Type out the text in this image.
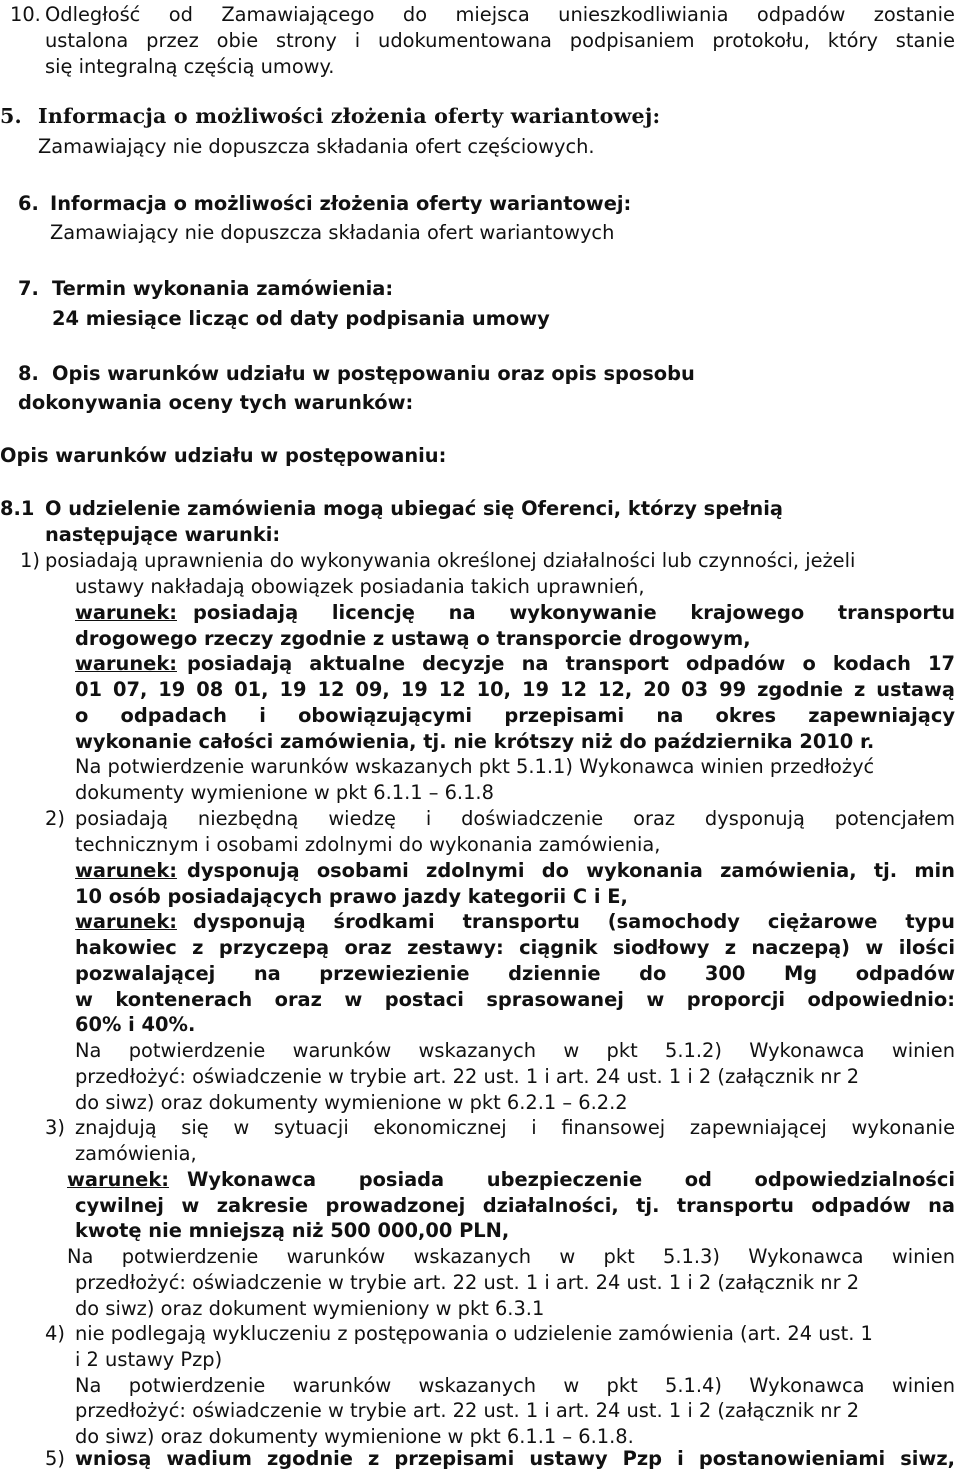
10. Odległość od Zamawiającego do miejsca unieszkodliwiania odpadów zostanie
ustalona przez obie strony i udokumentowana podpisaniem protokołu, który stanie
się integralną częścią umowy.
5. Informacja o możliwości złożenia oferty wariantowej:
Zamawiający nie dopuszcza składania ofert częściowych.
6. Informacja o możliwości złożenia oferty wariantowej:
Zamawiający nie dopuszcza składania ofert wariantowych
7. Termin wykonania zamówienia:
24 miesiące licząc od daty podpisania umowy
8. Opis warunków udziału w postępowaniu oraz opis sposobu
dokonywania oceny tych warunków:
Opis warunków udziału w postępowaniu:
8.1 O udzielenie zamówienia mogą ubiegać się Oferenci, którzy spełnią
następujące warunki:
1) posiadają uprawnienia do wykonywania określonej działalności lub czynności, jeżeli
ustawy nakładają obowiązek posiadania takich uprawnień,
warunek: posiadają licencję na wykonywanie krajowego transportu
drogowego rzeczy zgodnie z ustawą o transporcie drogowym,
warunek: posiadają aktualne decyzje na transport odpadów o kodach 17
01 07, 19 08 01, 19 12 09, 19 12 10, 19 12 12, 20 03 99 zgodnie z ustawą
o odpadach i obowiązującymi przepisami na okres zapewniający
wykonanie całości zamówienia, tj. nie krótszy niż do października 2010 r.
Na potwierdzenie warunków wskazanych pkt 5.1.1) Wykonawca winien przedłożyć
dokumenty wymienione w pkt 6.1.1 – 6.1.8
2) posiadają niezbędną wiedzę i doświadczenie oraz dysponują potencjałem
technicznym i osobami zdolnymi do wykonania zamówienia,
warunek: dysponują osobami zdolnymi do wykonania zamówienia, tj. min
10 osób posiadających prawo jazdy kategorii C i E,
warunek: dysponują środkami transportu (samochody ciężarowe typu
hakowiec z przyczepą oraz zestawy: ciągnik siodłowy z naczepą) w ilości
pozwalającej na przewiezienie dziennie do 300 Mg odpadów
w kontenerach oraz w postaci sprasowanej w proporcji odpowiednio:
60% i 40%.
Na potwierdzenie warunków wskazanych w pkt 5.1.2) Wykonawca winien
przedłożyć: oświadczenie w trybie art. 22 ust. 1 i art. 24 ust. 1 i 2 (załącznik nr 2
do siwz) oraz dokumenty wymienione w pkt 6.2.1 – 6.2.2
3) znajdują się w sytuacji ekonomicznej i finansowej zapewniającej wykonanie
zamówienia,
warunek: Wykonawca posiada ubezpieczenie od odpowiedzialności
cywilnej w zakresie prowadzonej działalności, tj. transportu odpadów na
kwotę nie mniejszą niż 500 000,00 PLN,
Na potwierdzenie warunków wskazanych w pkt 5.1.3) Wykonawca winien
przedłożyć: oświadczenie w trybie art. 22 ust. 1 i art. 24 ust. 1 i 2 (załącznik nr 2
do siwz) oraz dokument wymieniony w pkt 6.3.1
4) nie podlegają wykluczeniu z postępowania o udzielenie zamówienia (art. 24 ust. 1
i 2 ustawy Pzp)
Na potwierdzenie warunków wskazanych w pkt 5.1.4) Wykonawca winien
przedłożyć: oświadczenie w trybie art. 22 ust. 1 i art. 24 ust. 1 i 2 (załącznik nr 2
do siwz) oraz dokumenty wymienione w pkt 6.1.1 – 6.1.8.
5) wniosą wadium zgodnie z przepisami ustawy Pzp i postanowieniami siwz,
